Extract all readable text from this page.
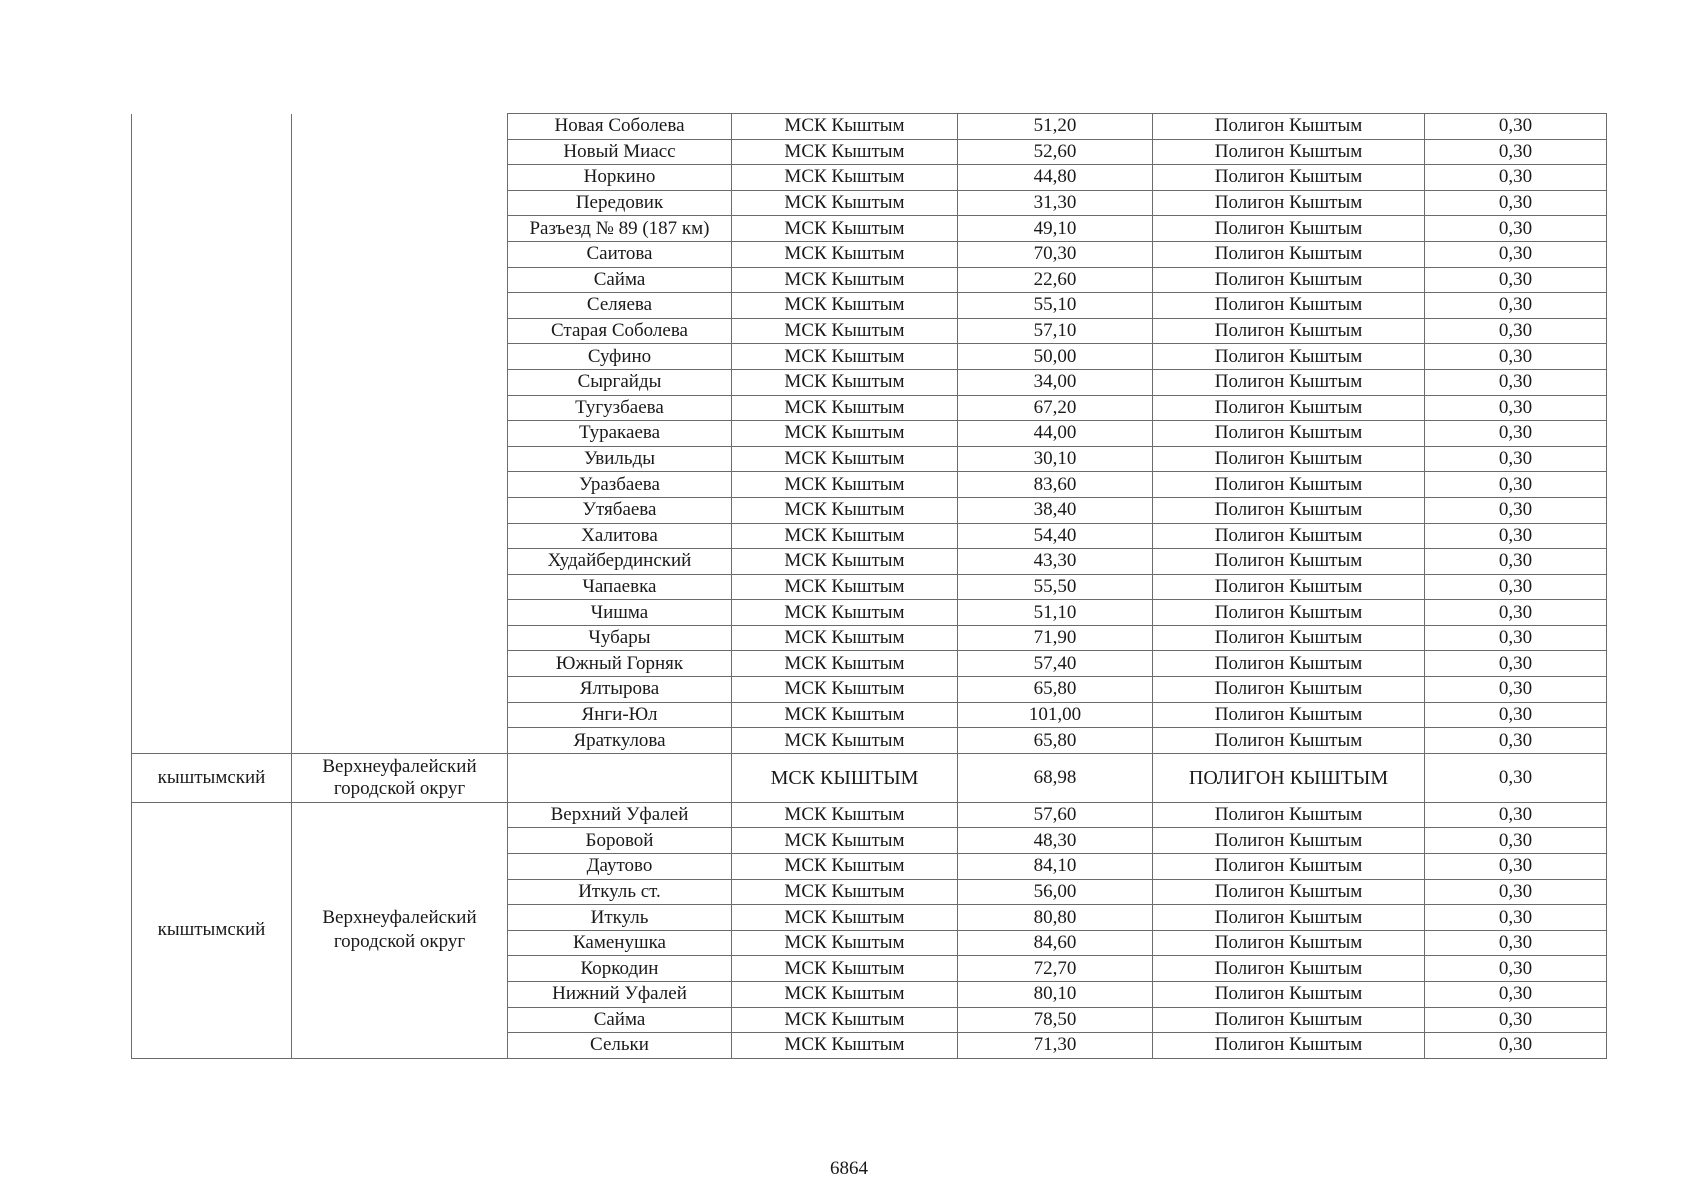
		Новая Соболева	МСК Кыштым	51,20	Полигон Кыштым	0,30
		Новый Миасс	МСК Кыштым	52,60	Полигон Кыштым	0,30
		Норкино	МСК Кыштым	44,80	Полигон Кыштым	0,30
		Передовик	МСК Кыштым	31,30	Полигон Кыштым	0,30
		Разъезд № 89 (187 км)	МСК Кыштым	49,10	Полигон Кыштым	0,30
		Саитова	МСК Кыштым	70,30	Полигон Кыштым	0,30
		Сайма	МСК Кыштым	22,60	Полигон Кыштым	0,30
		Селяева	МСК Кыштым	55,10	Полигон Кыштым	0,30
		Старая Соболева	МСК Кыштым	57,10	Полигон Кыштым	0,30
		Суфино	МСК Кыштым	50,00	Полигон Кыштым	0,30
		Сыргайды	МСК Кыштым	34,00	Полигон Кыштым	0,30
		Тугузбаева	МСК Кыштым	67,20	Полигон Кыштым	0,30
		Туракаева	МСК Кыштым	44,00	Полигон Кыштым	0,30
		Увильды	МСК Кыштым	30,10	Полигон Кыштым	0,30
		Уразбаева	МСК Кыштым	83,60	Полигон Кыштым	0,30
		Утябаева	МСК Кыштым	38,40	Полигон Кыштым	0,30
		Халитова	МСК Кыштым	54,40	Полигон Кыштым	0,30
		Худайбердинский	МСК Кыштым	43,30	Полигон Кыштым	0,30
		Чапаевка	МСК Кыштым	55,50	Полигон Кыштым	0,30
		Чишма	МСК Кыштым	51,10	Полигон Кыштым	0,30
		Чубары	МСК Кыштым	71,90	Полигон Кыштым	0,30
		Южный Горняк	МСК Кыштым	57,40	Полигон Кыштым	0,30
		Ялтырова	МСК Кыштым	65,80	Полигон Кыштым	0,30
		Янги-Юл	МСК Кыштым	101,00	Полигон Кыштым	0,30
		Яраткулова	МСК Кыштым	65,80	Полигон Кыштым	0,30
кыштымский	Верхнеуфалейский городской округ		МСК КЫШТЫМ	68,98	ПОЛИГОН КЫШТЫМ	0,30
кыштымский	Верхнеуфалейский городской округ	Верхний Уфалей	МСК Кыштым	57,60	Полигон Кыштым	0,30
		Боровой	МСК Кыштым	48,30	Полигон Кыштым	0,30
		Даутово	МСК Кыштым	84,10	Полигон Кыштым	0,30
		Иткуль ст.	МСК Кыштым	56,00	Полигон Кыштым	0,30
		Иткуль	МСК Кыштым	80,80	Полигон Кыштым	0,30
		Каменушка	МСК Кыштым	84,60	Полигон Кыштым	0,30
		Коркодин	МСК Кыштым	72,70	Полигон Кыштым	0,30
		Нижний Уфалей	МСК Кыштым	80,10	Полигон Кыштым	0,30
		Сайма	МСК Кыштым	78,50	Полигон Кыштым	0,30
		Сельки	МСК Кыштым	71,30	Полигон Кыштым	0,30
6864
